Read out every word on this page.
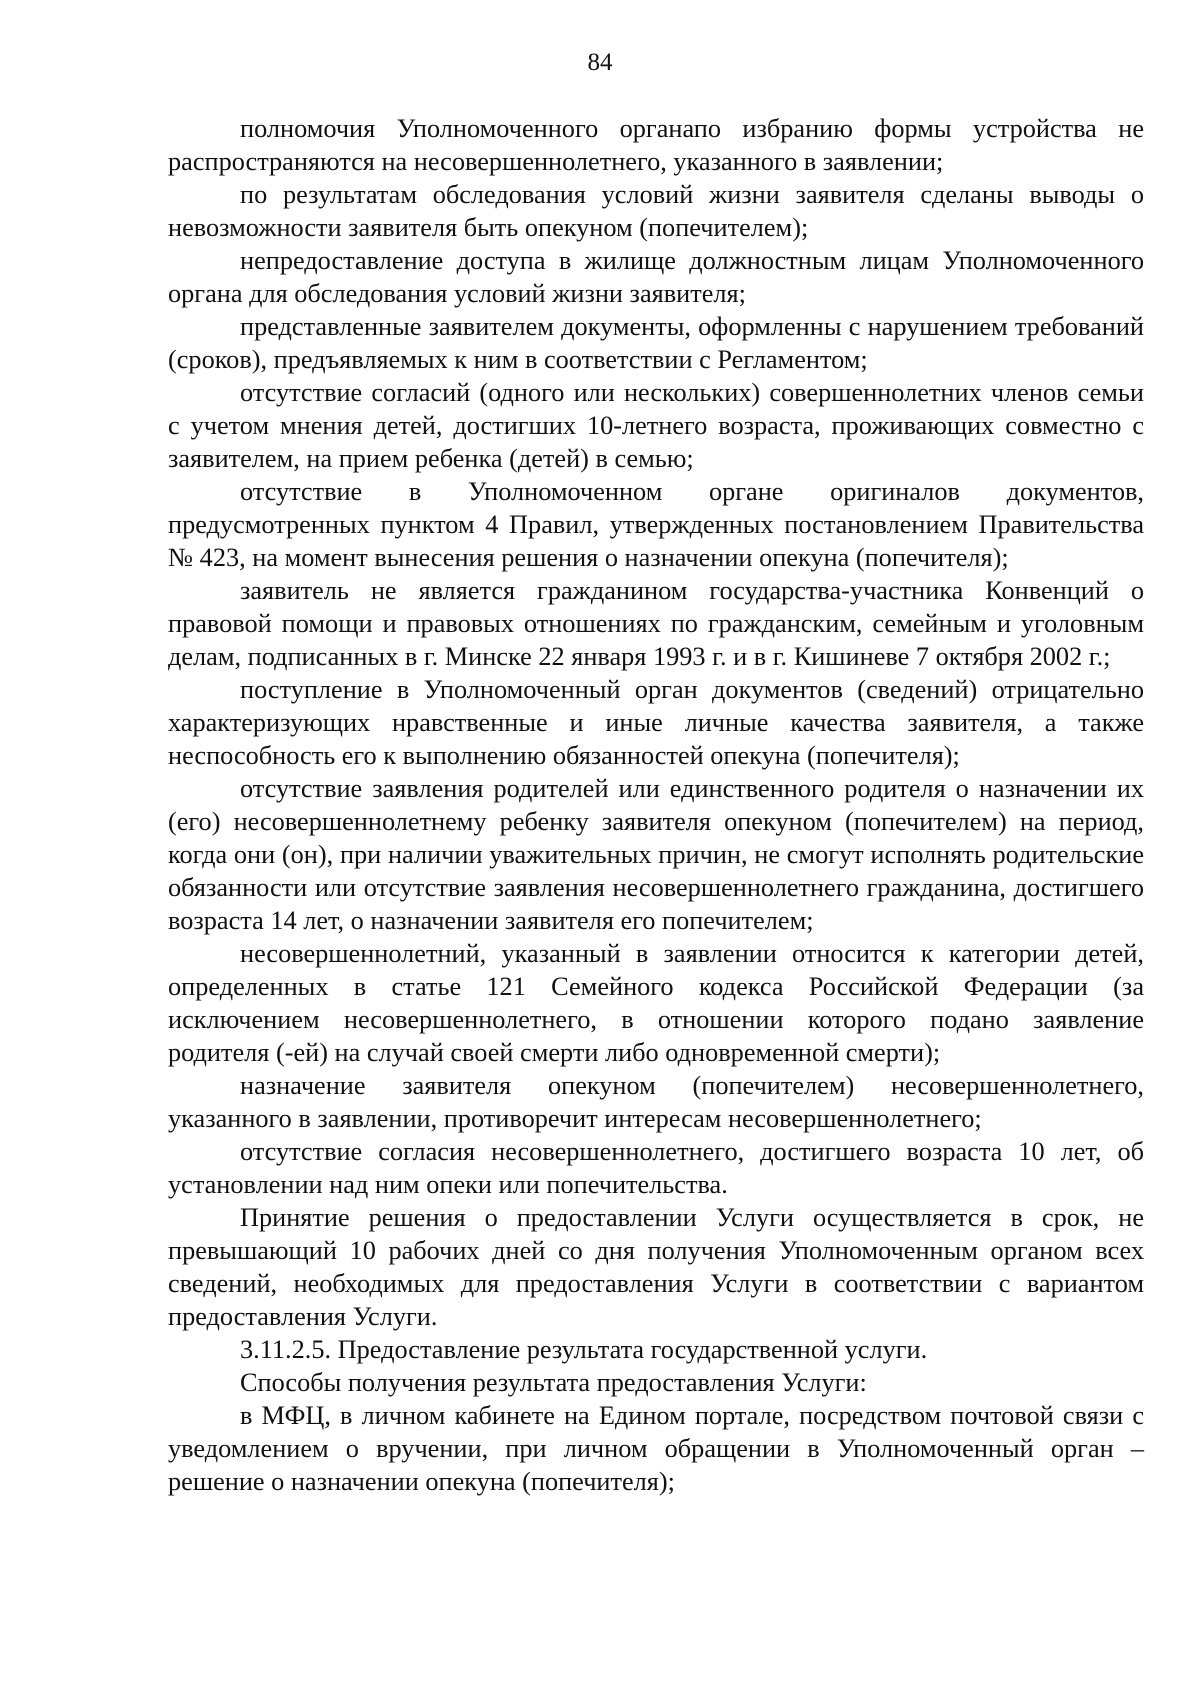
84

полномочия Уполномоченного органапо избранию формы устройства не распространяются на несовершеннолетнего, указанного в заявлении;

по результатам обследования условий жизни заявителя сделаны выводы о невозможности заявителя быть опекуном (попечителем);

непредоставление доступа в жилище должностным лицам Уполномоченного органа для обследования условий жизни заявителя;

представленные заявителем документы, оформленны с нарушением требований (сроков), предъявляемых к ним в соответствии с Регламентом;

отсутствие согласий (одного или нескольких) совершеннолетних членов семьи с учетом мнения детей, достигших 10-летнего возраста, проживающих совместно с заявителем, на прием ребенка (детей) в семью;

отсутствие в Уполномоченном органе оригиналов документов, предусмотренных пунктом 4 Правил, утвержденных постановлением Правительства № 423, на момент вынесения решения о назначении опекуна (попечителя);

заявитель не является гражданином государства-участника Конвенций о правовой помощи и правовых отношениях по гражданским, семейным и уголовным делам, подписанных в г. Минске 22 января 1993 г. и в г. Кишиневе 7 октября 2002 г.;

поступление в Уполномоченный орган документов (сведений) отрицательно характеризующих нравственные и иные личные качества заявителя, а также неспособность его к выполнению обязанностей опекуна (попечителя);

отсутствие заявления родителей или единственного родителя о назначении их (его) несовершеннолетнему ребенку заявителя опекуном (попечителем) на период, когда они (он), при наличии уважительных причин, не смогут исполнять родительские обязанности или отсутствие заявления несовершеннолетнего гражданина, достигшего возраста 14 лет, о назначении заявителя его попечителем;

несовершеннолетний, указанный в заявлении относится к категории детей, определенных в статье 121 Семейного кодекса Российской Федерации (за исключением несовершеннолетнего, в отношении которого подано заявление родителя (-ей) на случай своей смерти либо одновременной смерти);

назначение заявителя опекуном (попечителем) несовершеннолетнего, указанного в заявлении, противоречит интересам несовершеннолетнего;

отсутствие согласия несовершеннолетнего, достигшего возраста 10 лет, об установлении над ним опеки или попечительства.

Принятие решения о предоставлении Услуги осуществляется в срок, не превышающий 10 рабочих дней со дня получения Уполномоченным органом всех сведений, необходимых для предоставления Услуги в соответствии с вариантом предоставления Услуги.

3.11.2.5. Предоставление результата государственной услуги.

Способы получения результата предоставления Услуги:

в МФЦ, в личном кабинете на Едином портале, посредством почтовой связи с уведомлением о вручении, при личном обращении в Уполномоченный орган – решение о назначении опекуна (попечителя);
